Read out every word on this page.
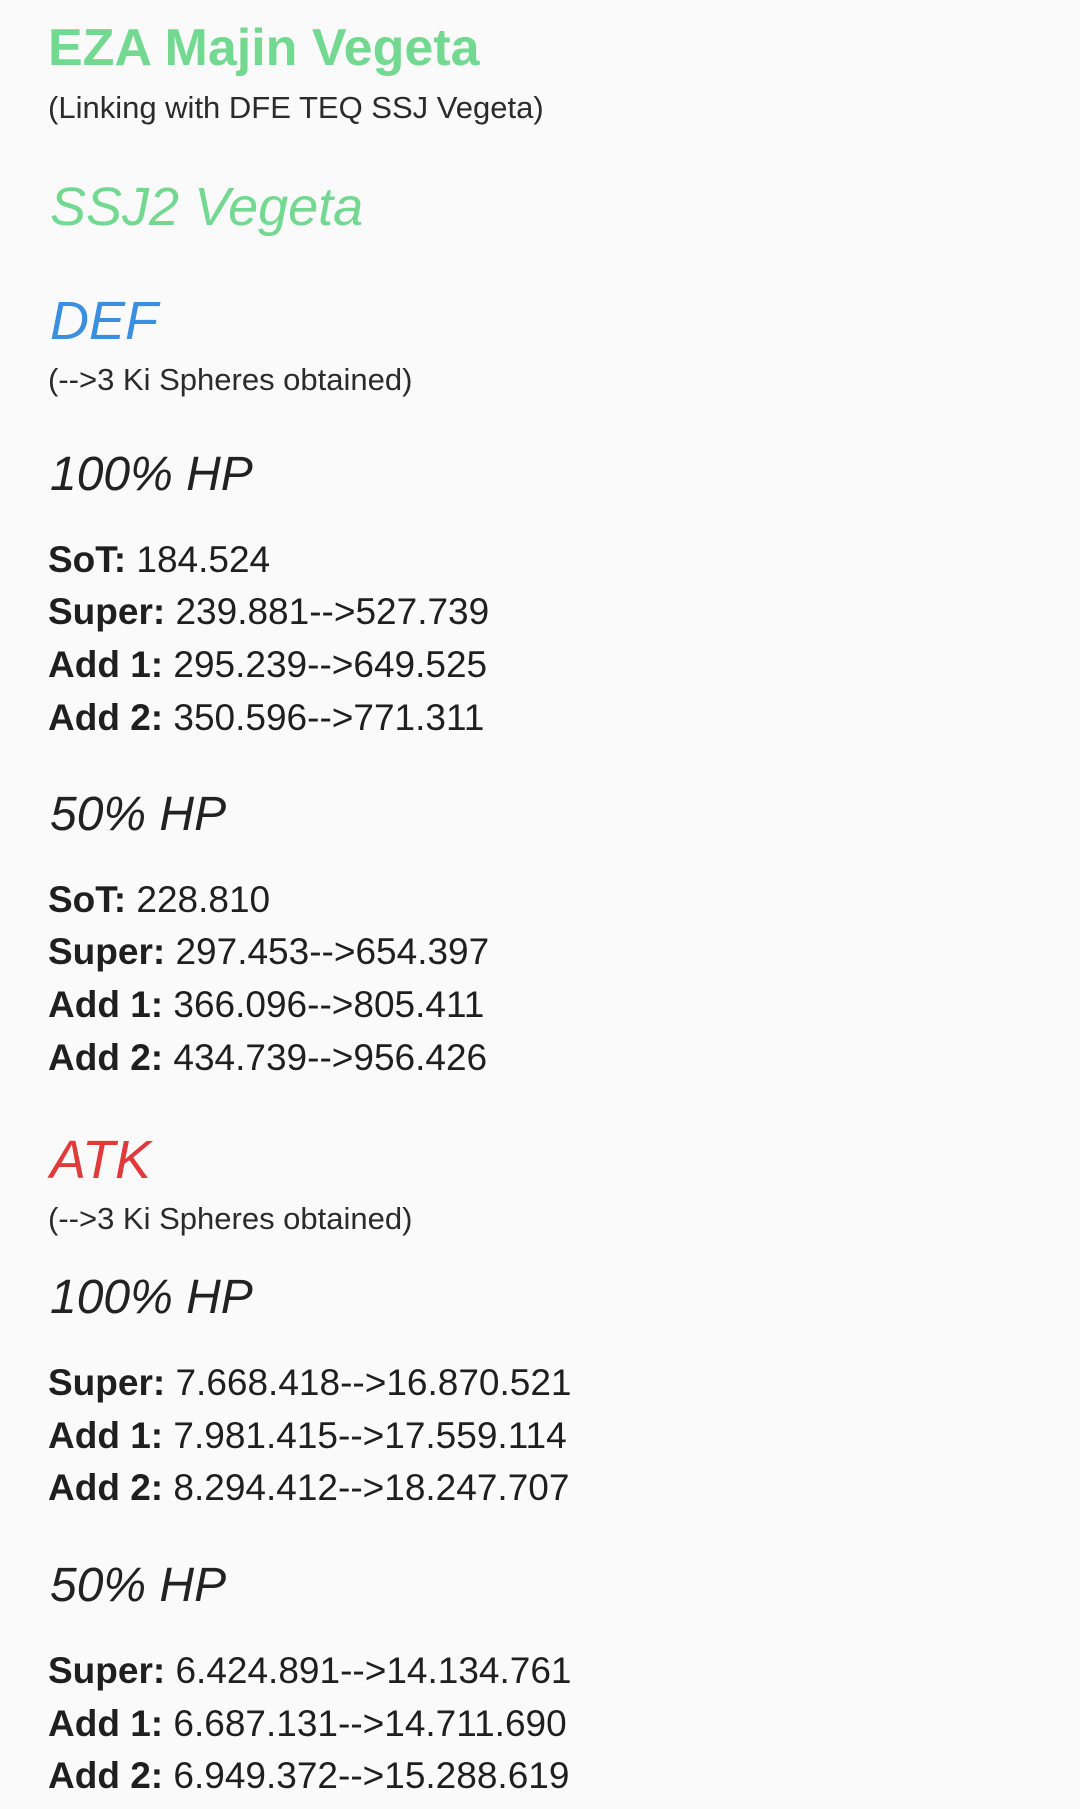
EZA Majin Vegeta
(Linking with DFE TEQ SSJ Vegeta)
SSJ2 Vegeta
DEF
(-->3 Ki Spheres obtained)
100% HP
SoT: 184.524
Super: 239.881-->527.739
Add 1: 295.239-->649.525
Add 2: 350.596-->771.311
50% HP
SoT: 228.810
Super: 297.453-->654.397
Add 1: 366.096-->805.411
Add 2: 434.739-->956.426
ATK
(-->3 Ki Spheres obtained)
100% HP
Super: 7.668.418-->16.870.521
Add 1: 7.981.415-->17.559.114
Add 2: 8.294.412-->18.247.707
50% HP
Super: 6.424.891-->14.134.761
Add 1: 6.687.131-->14.711.690
Add 2: 6.949.372-->15.288.619
